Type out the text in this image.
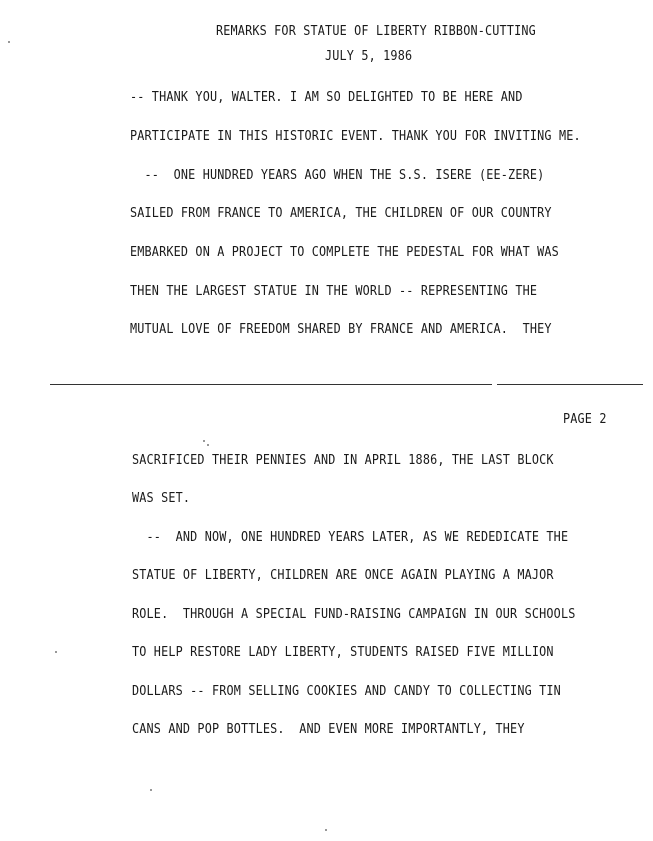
REMARKS FOR STATUE OF LIBERTY RIBBON-CUTTING
JULY 5, 1986
-- THANK YOU, WALTER. I AM SO DELIGHTED TO BE HERE AND
PARTICIPATE IN THIS HISTORIC EVENT. THANK YOU FOR INVITING ME.
--  ONE HUNDRED YEARS AGO WHEN THE S.S. ISERE (EE-ZERE)
SAILED FROM FRANCE TO AMERICA, THE CHILDREN OF OUR COUNTRY
EMBARKED ON A PROJECT TO COMPLETE THE PEDESTAL FOR WHAT WAS
THEN THE LARGEST STATUE IN THE WORLD -- REPRESENTING THE
MUTUAL LOVE OF FREEDOM SHARED BY FRANCE AND AMERICA.  THEY
PAGE 2
SACRIFICED THEIR PENNIES AND IN APRIL 1886, THE LAST BLOCK
WAS SET.
--  AND NOW, ONE HUNDRED YEARS LATER, AS WE REDEDICATE THE
STATUE OF LIBERTY, CHILDREN ARE ONCE AGAIN PLAYING A MAJOR
ROLE.  THROUGH A SPECIAL FUND-RAISING CAMPAIGN IN OUR SCHOOLS
TO HELP RESTORE LADY LIBERTY, STUDENTS RAISED FIVE MILLION
DOLLARS -- FROM SELLING COOKIES AND CANDY TO COLLECTING TIN
CANS AND POP BOTTLES.  AND EVEN MORE IMPORTANTLY, THEY
